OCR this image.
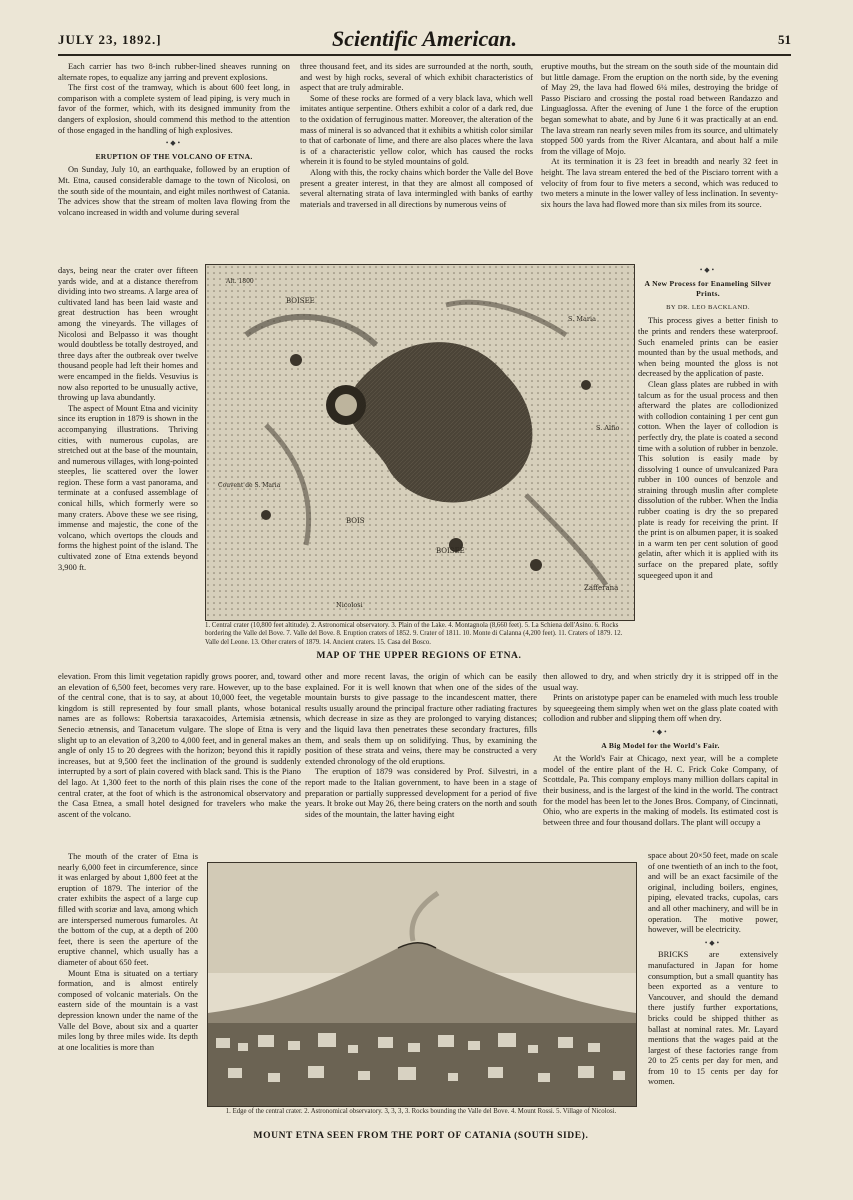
JULY 23, 1892.]	Scientific American.	51

Each carrier has two 8-inch rubber-lined sheaves running on alternate ropes, to equalize any jarring and prevent explosions.

The first cost of the tramway, which is about 600 feet long, in comparison with a complete system of lead piping, is very much in favor of the former, which, with its designed immunity from the dangers of explosion, should commend this method to the attention of those engaged in the handling of high explosives.

•◆•
ERUPTION OF THE VOLCANO OF ETNA.

On Sunday, July 10, an earthquake, followed by an eruption of Mt. Etna, caused considerable damage to the town of Nicolosi, on the south side of the mountain, and eight miles northwest of Catania. The advices show that the stream of molten lava flowing from the volcano increased in width and volume during several

days, being near the crater over fifteen yards wide, and at a distance therefrom dividing into two streams. A large area of cultivated land has been laid waste and great destruction has been wrought among the vineyards. The villages of Nicolosi and Belpasso it was thought would doubtless be totally destroyed, and three days after the outbreak over twelve thousand people had left their homes and were encamped in the fields. Vesuvius is now also reported to be unusually active, throwing up lava abundantly.

The aspect of Mount Etna and vicinity since its eruption in 1879 is shown in the accompanying illustrations. Thriving cities, with numerous cupolas, are stretched out at the base of the mountain, and numerous villages, with long-pointed steeples, lie scattered over the lower region. These form a vast panorama, and terminate at a confused assemblage of conical hills, which formerly were so many craters. Above these we see rising, immense and majestic, the cone of the volcano, which overtops the clouds and forms the highest point of the island. The cultivated zone of Etna extends beyond 3,900 ft.

three thousand feet, and its sides are surrounded at the north, south, and west by high rocks, several of which exhibit characteristics of aspect that are truly admirable.

Some of these rocks are formed of a very black lava, which well imitates antique serpentine. Others exhibit a color of a dark red, due to the oxidation of ferruginous matter. Moreover, the alteration of the mass of mineral is so advanced that it exhibits a whitish color similar to that of carbonate of lime, and there are also places where the lava is of a characteristic yellow color, which has caused the rocks wherein it is found to be styled mountains of gold.

Along with this, the rocky chains which border the Valle del Bove present a greater interest, in that they are almost all composed of several alternating strata of lava intermingled with banks of earthy materials and traversed in all directions by numerous veins of

eruptive mouths, but the stream on the south side of the mountain did but little damage. From the eruption on the north side, by the evening of May 29, the lava had flowed 6¼ miles, destroying the bridge of Passo Pisciaro and crossing the postal road between Randazzo and Linguaglossa. After the evening of June 1 the force of the eruption began somewhat to abate, and by June 6 it was practically at an end. The lava stream ran nearly seven miles from its source, and ultimately stopped 500 yards from the River Alcantara, and about half a mile from the village of Mojo.

At its termination it is 23 feet in breadth and nearly 32 feet in height. The lava stream entered the bed of the Pisciaro torrent with a velocity of from four to five meters a second, which was reduced to two meters a minute in the lower valley of less inclination. In seventy-six hours the lava had flowed more than six miles from its source.

•◆•
A New Process for Enameling Silver Prints.
BY DR. LEO BACKLAND.

This process gives a better finish to the prints and renders these waterproof. Such enameled prints can be easier mounted than by the usual methods, and when being mounted the gloss is not decreased by the application of paste.

Clean glass plates are rubbed in with talcum as for the usual process and then afterward the plates are collodionized with collodion containing 1 per cent gun cotton. When the layer of collodion is perfectly dry, the plate is coated a second time with a solution of rubber in benzole. This solution is easily made by dissolving 1 ounce of unvulcanized Para rubber in 100 ounces of benzole and straining through muslin after complete dissolution of the rubber. When the India rubber coating is dry the so prepared plate is ready for receiving the print. If the print is on albumen paper, it is soaked in a warm ten per cent solution of good gelatin, after which it is applied with its surface on the prepared plate, softly squeegeed upon it and

BOISEE
BOIS
BOISEE
S. Maria
Couvent de S. Maria
Zafferana
Nicolosi
S. Alfio
Alt. 1800
1. Central crater (10,800 feet altitude). 2. Astronomical observatory. 3. Plain of the Lake. 4. Montagnola (8,660 feet). 5. La Schiena dell'Asino. 6. Rocks bordering the Valle del Bove. 7. Valle del Bove. 8. Eruption craters of 1852. 9. Crater of 1811. 10. Monte di Calanna (4,200 feet). 11. Craters of 1879. 12. Valle del Leone. 13. Other craters of 1879. 14. Ancient craters. 15. Casa del Bosco.
MAP OF THE UPPER REGIONS OF ETNA.

elevation. From this limit vegetation rapidly grows poorer, and, toward an elevation of 6,500 feet, becomes very rare. However, up to the base of the central cone, that is to say, at about 10,000 feet, the vegetable kingdom is still represented by four small plants, whose botanical names are as follows: Robertsia taraxacoides, Artemisia ætnensis, Senecio ætnensis, and Tanacetum vulgare. The slope of Etna is very slight up to an elevation of 3,200 to 4,000 feet, and in general makes an angle of only 15 to 20 degrees with the horizon; beyond this it rapidly increases, but at 9,500 feet the inclination of the ground is suddenly interrupted by a sort of plain covered with black sand. This is the Piano del lago. At 1,300 feet to the north of this plain rises the cone of the central crater, at the foot of which is the astronomical observatory and the Casa Etnea, a small hotel designed for travelers who make the ascent of the volcano.

The mouth of the crater of Etna is nearly 6,000 feet in circumference, since it was enlarged by about 1,800 feet at the eruption of 1879. The interior of the crater exhibits the aspect of a large cup filled with scoriæ and lava, among which are interspersed numerous fumaroles. At the bottom of the cup, at a depth of 200 feet, there is seen the aperture of the eruptive channel, which usually has a diameter of about 650 feet.

Mount Etna is situated on a tertiary formation, and is almost entirely composed of volcanic materials. On the eastern side of the mountain is a vast depression known under the name of the Valle del Bove, about six and a quarter miles long by three miles wide. Its depth at one localities is more than

other and more recent lavas, the origin of which can be easily explained. For it is well known that when one of the sides of the mountain bursts to give passage to the incandescent matter, there results usually around the principal fracture other radiating fractures which decrease in size as they are prolonged to varying distances; and the liquid lava then penetrates these secondary fractures, fills them, and seals them up on solidifying. Thus, by examining the position of these strata and veins, there may be constructed a very extended chronology of the old eruptions.

The eruption of 1879 was considered by Prof. Silvestri, in a report made to the Italian government, to have been in a stage of preparation or partially suppressed development for a period of five years. It broke out May 26, there being craters on the north and south sides of the mountain, the latter having eight

then allowed to dry, and when strictly dry it is stripped off in the usual way.

Prints on aristotype paper can be enameled with much less trouble by squeegeeing them simply when wet on the glass plate coated with collodion and rubber and slipping them off when dry.

•◆•
A Big Model for the World's Fair.

At the World's Fair at Chicago, next year, will be a complete model of the entire plant of the H. C. Frick Coke Company, of Scottdale, Pa. This company employs many million dollars capital in their business, and is the largest of the kind in the world. The contract for the model has been let to the Jones Bros. Company, of Cincinnati, Ohio, who are experts in the making of models. Its estimated cost is between three and four thousand dollars. The plant will occupy a

space about 20×50 feet, made on scale of one twentieth of an inch to the foot, and will be an exact facsimile of the original, including boilers, engines, piping, elevated tracks, cupolas, cars and all other machinery, and will be in operation. The motive power, however, will be electricity.

•◆•

BRICKS are extensively manufactured in Japan for home consumption, but a small quantity has been exported as a venture to Vancouver, and should the demand there justify further exportations, bricks could be shipped thither as ballast at nominal rates. Mr. Layard mentions that the wages paid at the largest of these factories range from 20 to 25 cents per day for men, and from 10 to 15 cents per day for women.

1. Edge of the central crater. 2. Astronomical observatory. 3, 3, 3, 3. Rocks bounding the Valle del Bove. 4. Mount Rossi. 5. Village of Nicolosi.
MOUNT ETNA SEEN FROM THE PORT OF CATANIA (SOUTH SIDE).
